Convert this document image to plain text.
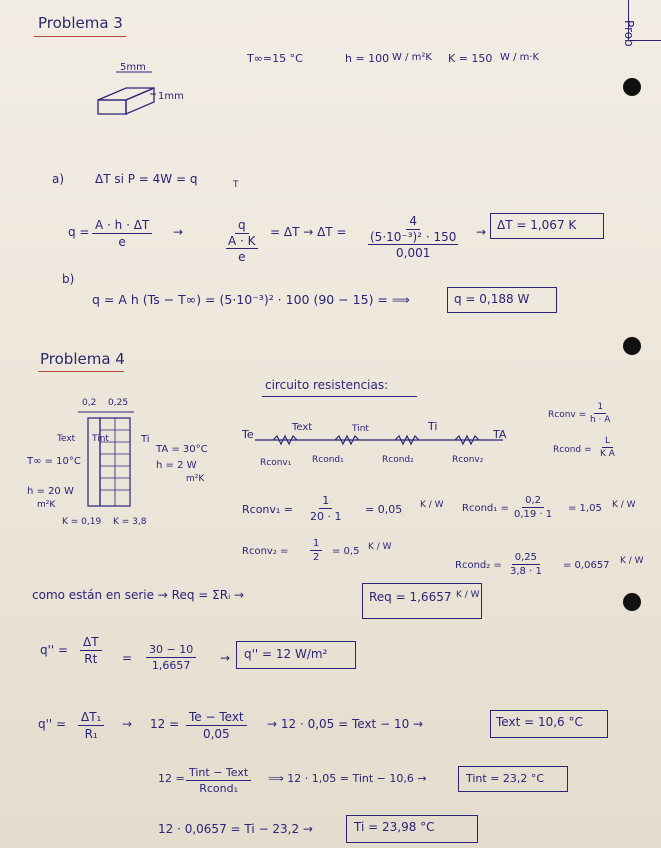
Prob
Problema 3
T∞=15 °C	h = 100 W / m²K K = 150 W / m·K
5mm
1mm
a)	ΔT si P = 4W = q	T
$q = \frac{A \cdot h \cdot \Delta T}{e}$ →	q
A · K
e
= ΔT → ΔT =
4
(5·10⁻³)² · 150
0,001
→ ΔT = 1,067 K
b)
q = A h (Ts − T∞) = (5·10⁻³)² · 100 (90 − 15) = ⟹	q = 0,188 W
Problema 4
0,2 0,25
Text Tint	Ti
T∞ = 10°C
h = 20 W
m²K
K = 0,19 K = 3,8
TA = 30°C
h = 2 W
m²K
circuito resistencias:
Te
Text	Tint	Ti
TA
Rconv₁ Rcond₁	Rcond₂	Rconv₂
Rconv = $\frac{1}{h \cdot A}$
Rcond = $\frac{L}{\text{K A}}$
Rconv₁ = $\frac{1}{20 \cdot 1} = 0,05$ K / W Rcond₁ = $\frac{0,2}{0,19 \cdot 1} = 1,05$ K / W
Rconv₂ = $\frac{1}{2} = 0,5$ K / W
Rcond₂ = $\frac{0,25}{3,8 \cdot 1} = 0,0657$ K / W
como están en serie → Req = ΣRᵢ →	Req = 1,6657 K / W
$q'' = \frac{\Delta T}{Rt} = \frac{30 - 10}{1,6657} \to q'' = 12$ W/m²
$q'' = \frac{\text{ΔT₁}}{\text{R₁}} \to 12 = Te$ − Text
0,05
→ 12 · 0,05 = Text − 10 →	Text = 10,6 °C
12 = Tint − Text
Rcond₁
⟹ 12 · 1,05 = Tint − 10,6 →	Tint = 23,2 °C
12 · 0,0657 = Ti − 23,2 →	Ti = 23,98 °C
